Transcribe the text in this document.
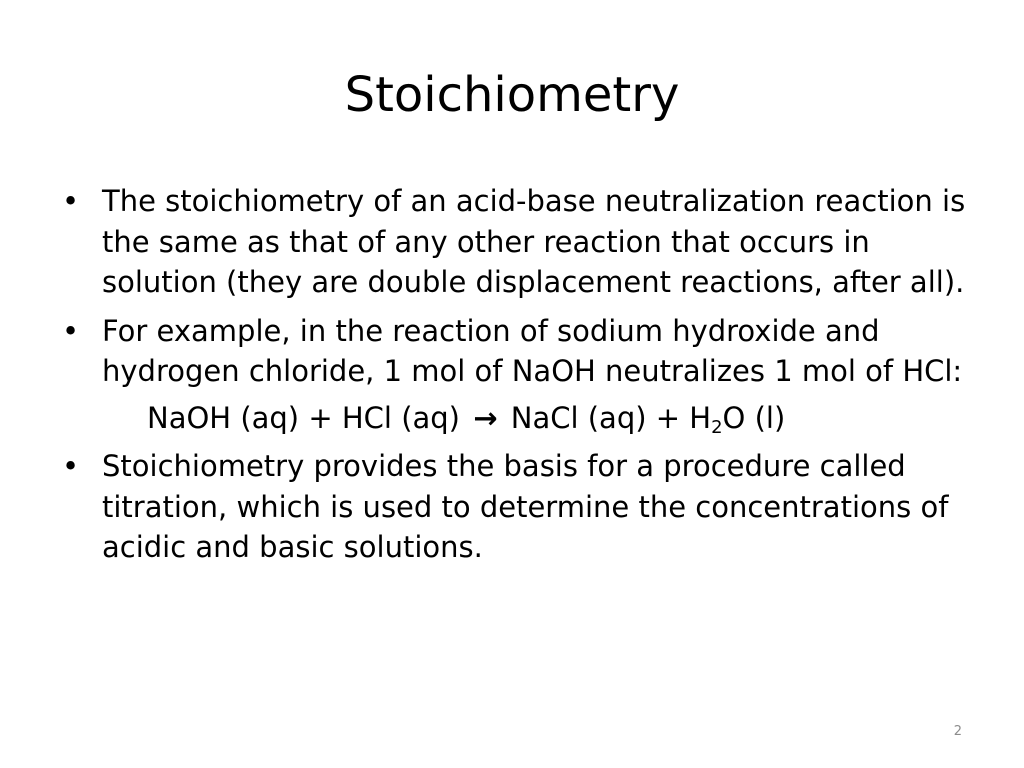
Stoichiometry
• The stoichiometry of an acid-base neutralization reaction is the same as that of any other reaction that occurs in solution (they are double displacement reactions, after all).
• For example, in the reaction of sodium hydroxide and hydrogen chloride, 1 mol of NaOH neutralizes 1 mol of HCl:
NaOH (aq) + HCl (aq) → NaCl $(aq) + H_2O$ (l)
• Stoichiometry provides the basis for a procedure called titration, which is used to determine the concentrations of acidic and basic solutions.
2
